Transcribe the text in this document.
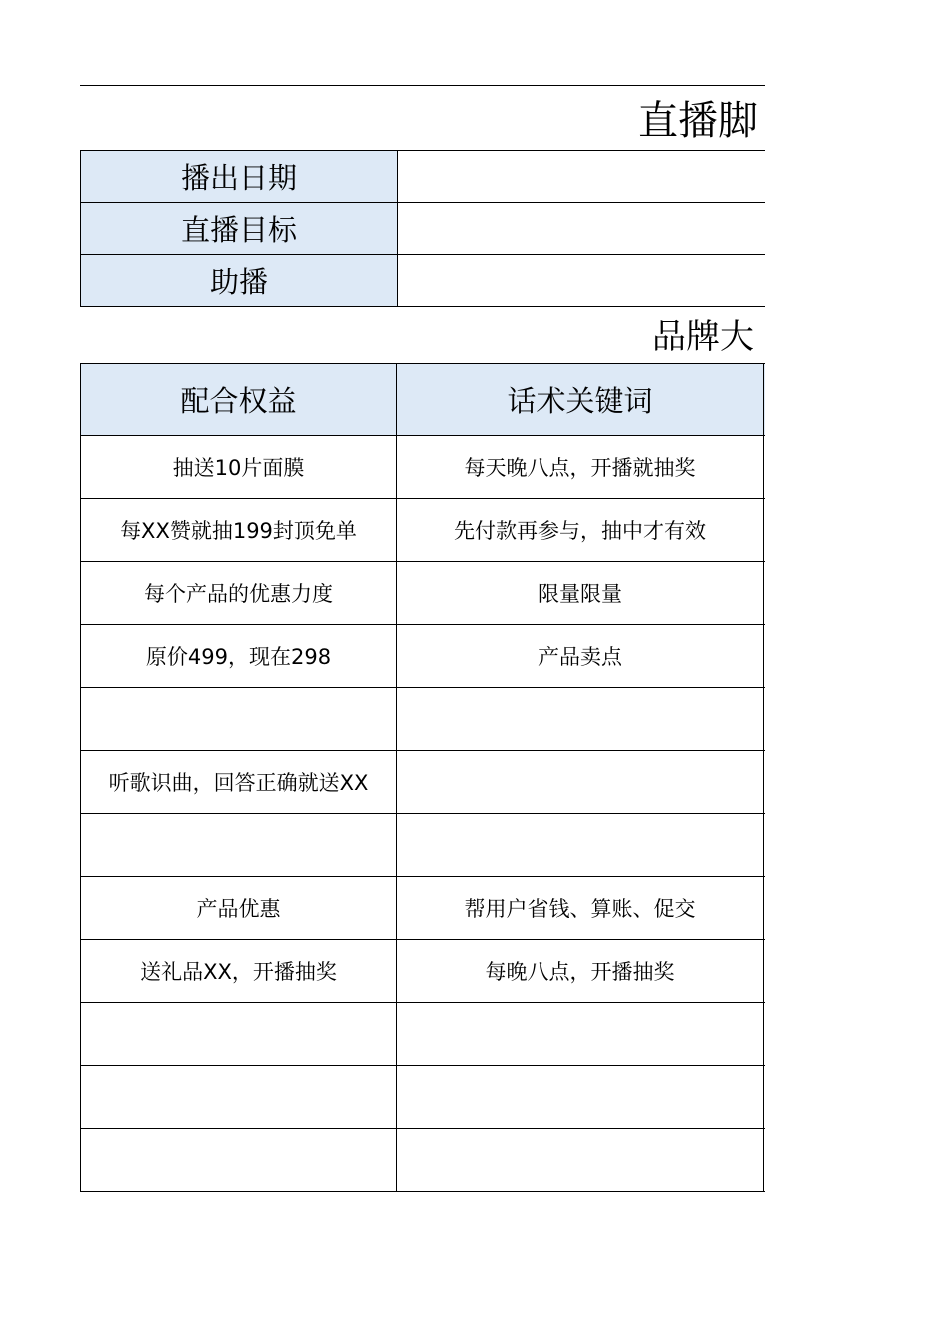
直播脚
播出日期	
直播目标	
助播	
品牌大
配合权益	话术关键词	
抽送10片面膜	每天晚八点，开播就抽奖	
每XX赞就抽199封顶免单	先付款再参与，抽中才有效	
每个产品的优惠力度	限量限量	
原价499，现在298	产品卖点	

听歌识曲，回答正确就送XX		

产品优惠	帮用户省钱、算账、促交	
送礼品XX，开播抽奖	每晚八点，开播抽奖	
